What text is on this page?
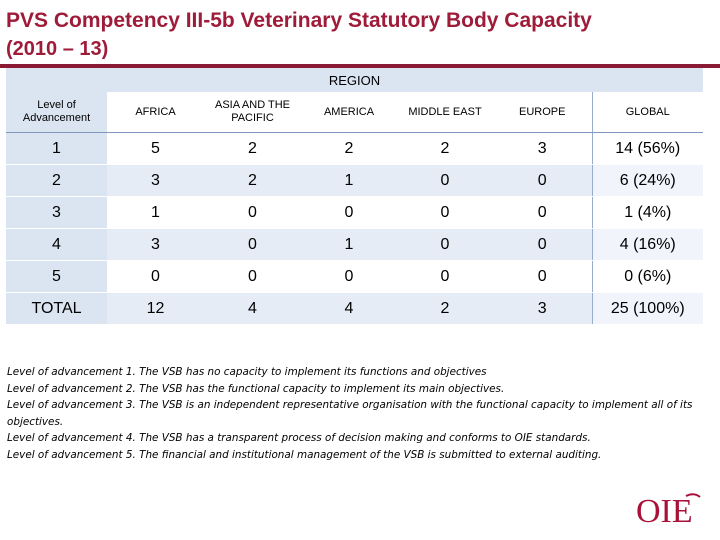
PVS Competency III-5b Veterinary Statutory Body Capacity
(2010 – 13)
REGION						
Level of Advancement	AFRICA	ASIA AND THE PACIFIC	AMERICA	MIDDLE EAST	EUROPE	GLOBAL
1	5	2	2	2	3	14 (56%)
2	3	2	1	0	0	6 (24%)
3	1	0	0	0	0	1 (4%)
4	3	0	1	0	0	4 (16%)
5	0	0	0	0	0	0 (6%)
TOTAL	12	4	4	2	3	25 (100%)
Level of advancement 1. The VSB has no capacity to implement its functions and objectives
Level of advancement 2. The VSB has the functional capacity to implement its main objectives.
Level of advancement 3. The VSB is an independent representative organisation with the functional capacity to implement all of its objectives.
Level of advancement 4. The VSB has a transparent process of decision making and conforms to OIE standards.
Level of advancement 5. The financial and institutional management of the VSB is submitted to external auditing.
OIE
